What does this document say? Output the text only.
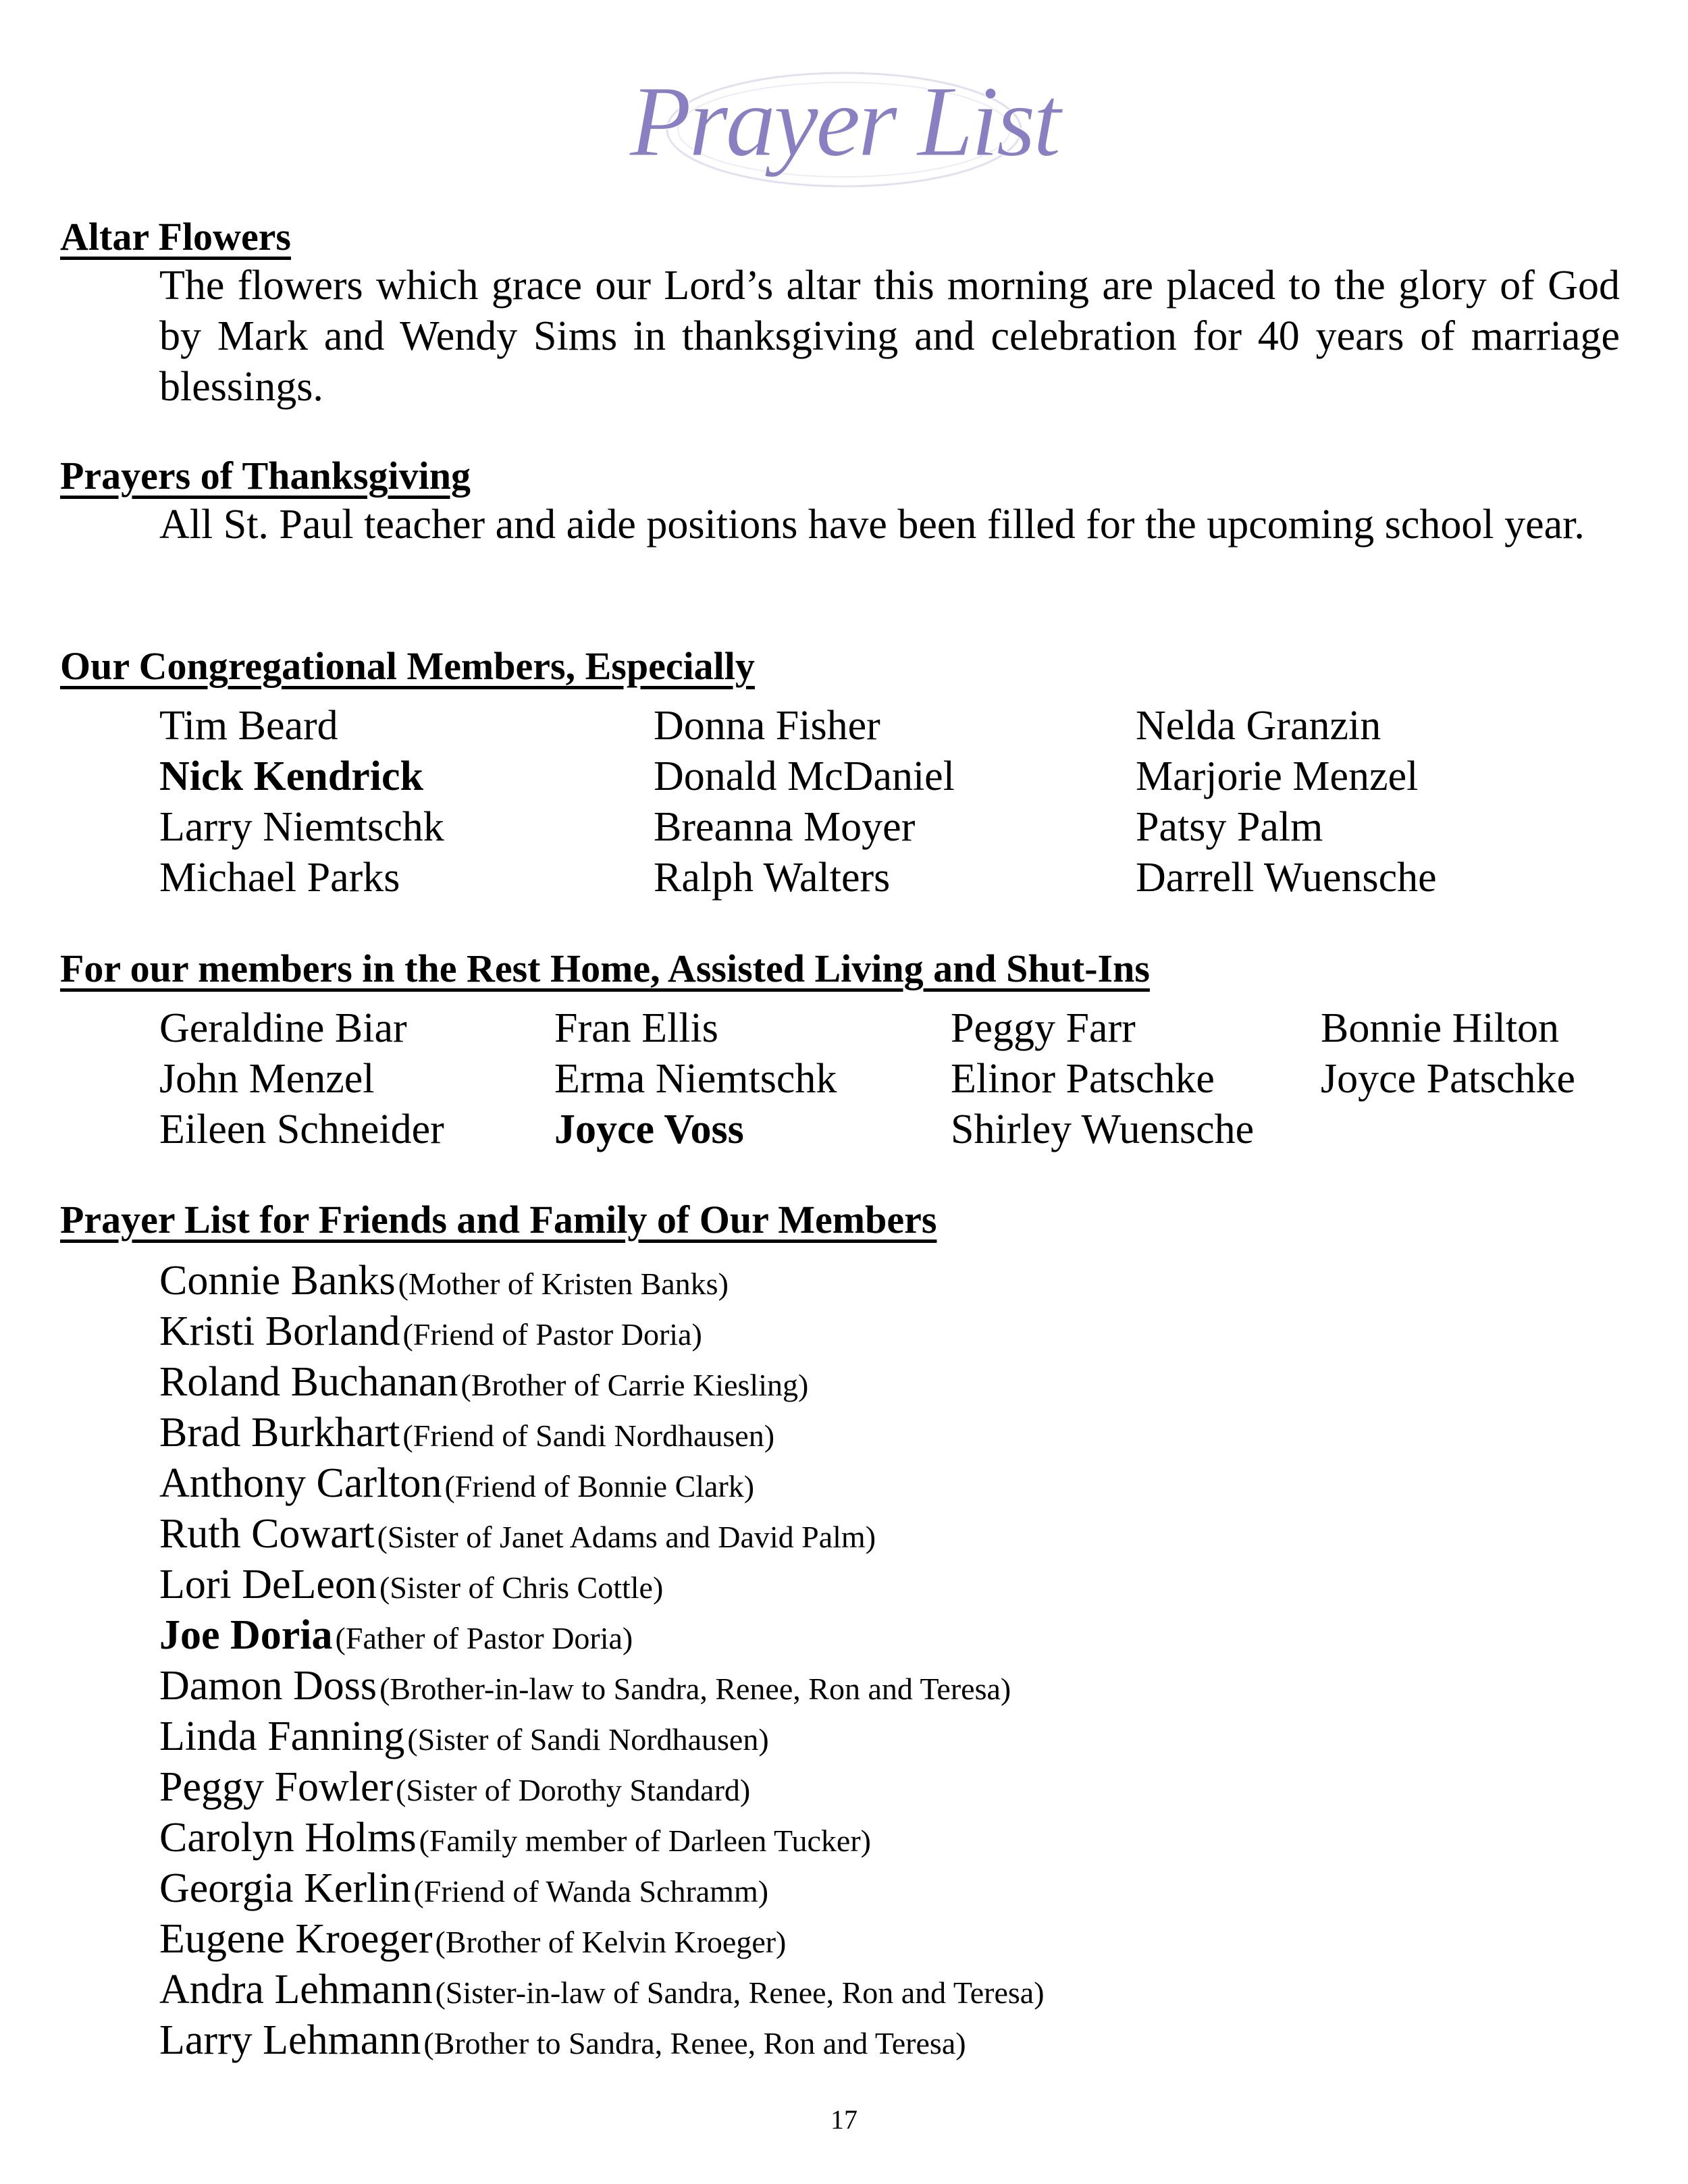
Prayer List
Altar Flowers
The flowers which grace our Lord’s altar this morning are placed to the glory of God by Mark and Wendy Sims in thanksgiving and celebration for 40 years of marriage blessings.
Prayers of Thanksgiving
All St. Paul teacher and aide positions have been filled for the upcoming school year.
Our Congregational Members, Especially
Tim Beard	Donna Fisher	Nelda Granzin
Nick Kendrick	Donald McDaniel	Marjorie Menzel
Larry Niemtschk	Breanna Moyer	Patsy Palm
Michael Parks	Ralph Walters	Darrell Wuensche
For our members in the Rest Home, Assisted Living and Shut-Ins
Geraldine Biar	Fran Ellis	Peggy Farr	Bonnie Hilton
John Menzel	Erma Niemtschk	Elinor Patschke	Joyce Patschke
Eileen Schneider	Joyce Voss	Shirley Wuensche
Prayer List for Friends and Family of Our Members
Connie Banks (Mother of Kristen Banks)
Kristi Borland (Friend of Pastor Doria)
Roland Buchanan (Brother of Carrie Kiesling)
Brad Burkhart (Friend of Sandi Nordhausen)
Anthony Carlton (Friend of Bonnie Clark)
Ruth Cowart (Sister of Janet Adams and David Palm)
Lori DeLeon (Sister of Chris Cottle)
Joe Doria (Father of Pastor Doria)
Damon Doss (Brother-in-law to Sandra, Renee, Ron and Teresa)
Linda Fanning (Sister of Sandi Nordhausen)
Peggy Fowler (Sister of Dorothy Standard)
Carolyn Holms (Family member of Darleen Tucker)
Georgia Kerlin (Friend of Wanda Schramm)
Eugene Kroeger (Brother of Kelvin Kroeger)
Andra Lehmann (Sister-in-law of Sandra, Renee, Ron and Teresa)
Larry Lehmann (Brother to Sandra, Renee, Ron and Teresa)
17
